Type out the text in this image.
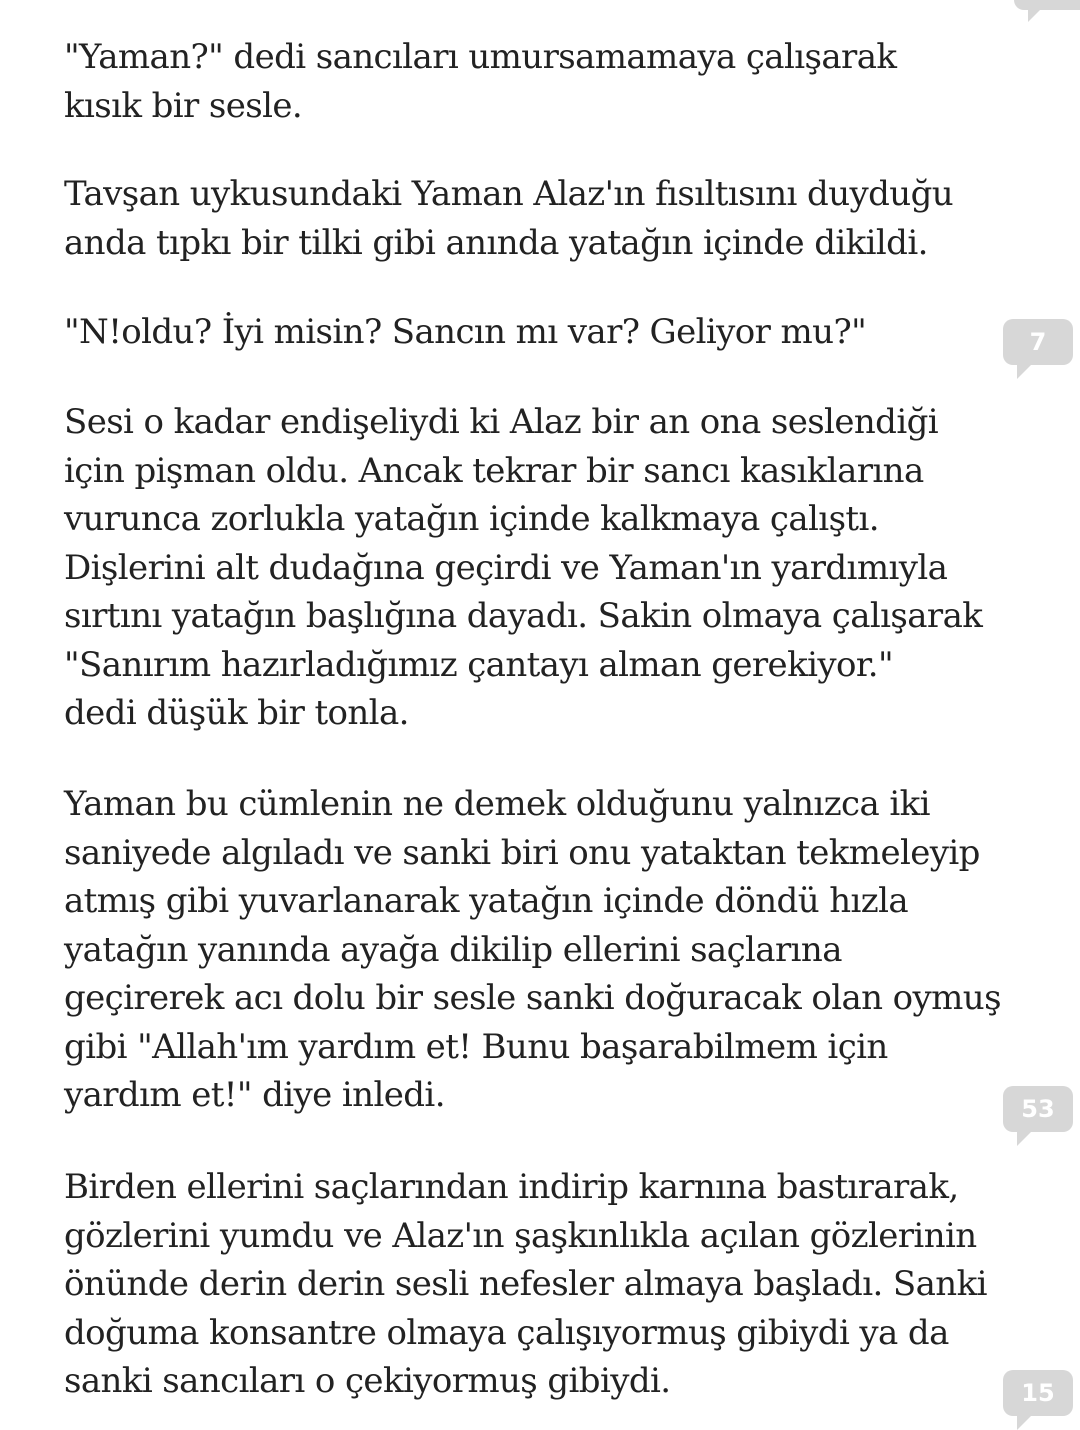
"Yaman?" dedi sancıları umursamamaya çalışarak
kısık bir sesle.

Tavşan uykusundaki Yaman Alaz'ın fısıltısını duyduğu
anda tıpkı bir tilki gibi anında yatağın içinde dikildi.

"N!oldu? İyi misin? Sancın mı var? Geliyor mu?"	7

Sesi o kadar endişeliydi ki Alaz bir an ona seslendiği
için pişman oldu. Ancak tekrar bir sancı kasıklarına
vurunca zorlukla yatağın içinde kalkmaya çalıştı.
Dişlerini alt dudağına geçirdi ve Yaman'ın yardımıyla
sırtını yatağın başlığına dayadı. Sakin olmaya çalışarak
"Sanırım hazırladığımız çantayı alman gerekiyor."
dedi düşük bir tonla.

Yaman bu cümlenin ne demek olduğunu yalnızca iki
saniyede algıladı ve sanki biri onu yataktan tekmeleyip
atmış gibi yuvarlanarak yatağın içinde döndü hızla
yatağın yanında ayağa dikilip ellerini saçlarına
geçirerek acı dolu bir sesle sanki doğuracak olan oymuş
gibi "Allah'ım yardım et! Bunu başarabilmem için
yardım et!" diye inledi.	53

Birden ellerini saçlarından indirip karnına bastırarak,
gözlerini yumdu ve Alaz'ın şaşkınlıkla açılan gözlerinin
önünde derin derin sesli nefesler almaya başladı. Sanki
doğuma konsantre olmaya çalışıyormuş gibiydi ya da
sanki sancıları o çekiyormuş gibiydi.	15
